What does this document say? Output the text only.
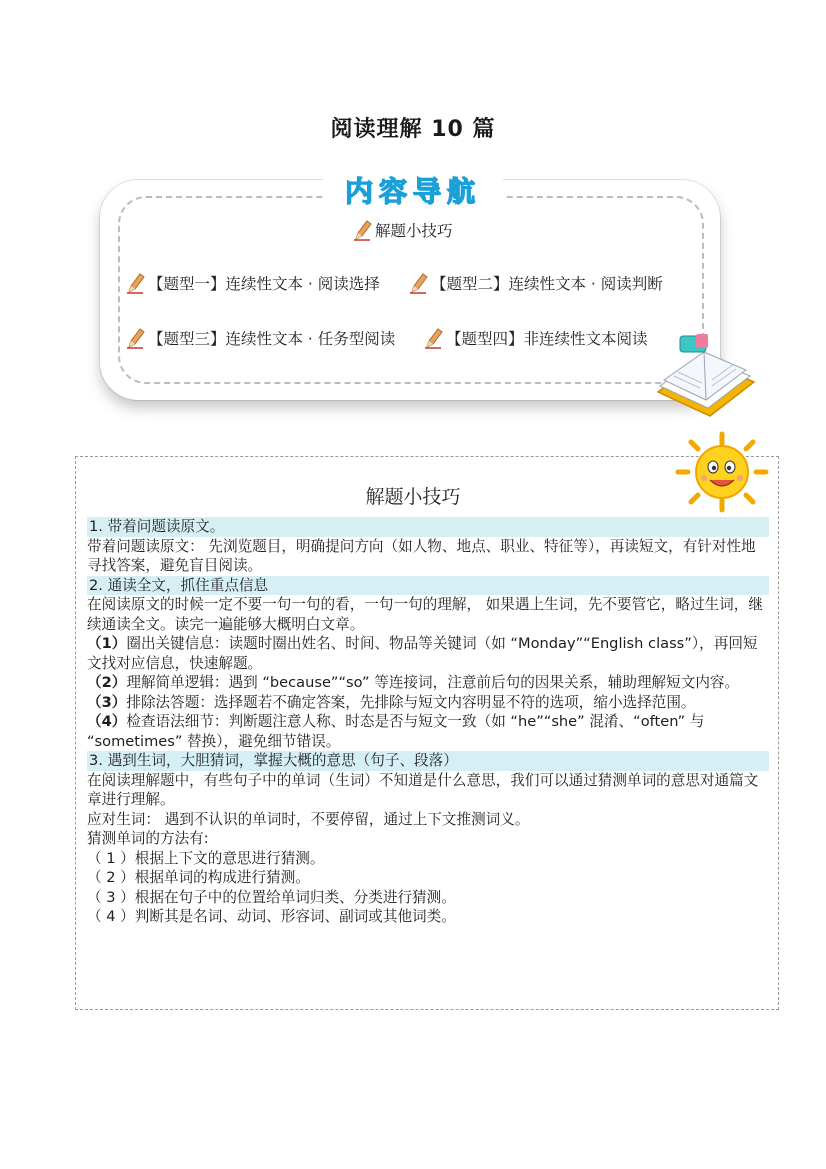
阅读理解 10 篇
内容导航
解题小技巧
【题型一】连续性文本 · 阅读选择	【题型二】连续性文本 · 阅读判断
【题型三】连续性文本 · 任务型阅读	【题型四】非连续性文本阅读
解题小技巧

1. 带着问题读原文。

带着问题读原文： 先浏览题目，明确提问方向（如人物、地点、职业、特征等），再读短文，有针对性地寻找答案，避免盲目阅读。

2. 通读全文，抓住重点信息

在阅读原文的时候一定不要一句一句的看，一句一句的理解， 如果遇上生词，先不要管它，略过生词，继续通读全文。读完一遍能够大概明白文章。

（1）圈出关键信息：读题时圈出姓名、时间、物品等关键词（如 “Monday”“English class”），再回短文找对应信息，快速解题。

（2）理解简单逻辑：遇到 “because”“so” 等连接词，注意前后句的因果关系，辅助理解短文内容。

（3）排除法答题：选择题若不确定答案，先排除与短文内容明显不符的选项，缩小选择范围。

（4）检查语法细节：判断题注意人称、时态是否与短文一致（如 “he”“she” 混淆、“often” 与 “sometimes” 替换），避免细节错误。

3. 遇到生词，大胆猜词，掌握大概的意思（句子、段落）

在阅读理解题中，有些句子中的单词（生词）不知道是什么意思，我们可以通过猜测单词的意思对通篇文章进行理解。

应对生词： 遇到不认识的单词时，不要停留，通过上下文推测词义。

猜测单词的方法有:

（ 1 ）根据上下文的意思进行猜测。

（ 2 ）根据单词的构成进行猜测。

（ 3 ）根据在句子中的位置给单词归类、分类进行猜测。

（ 4 ）判断其是名词、动词、形容词、副词或其他词类。
